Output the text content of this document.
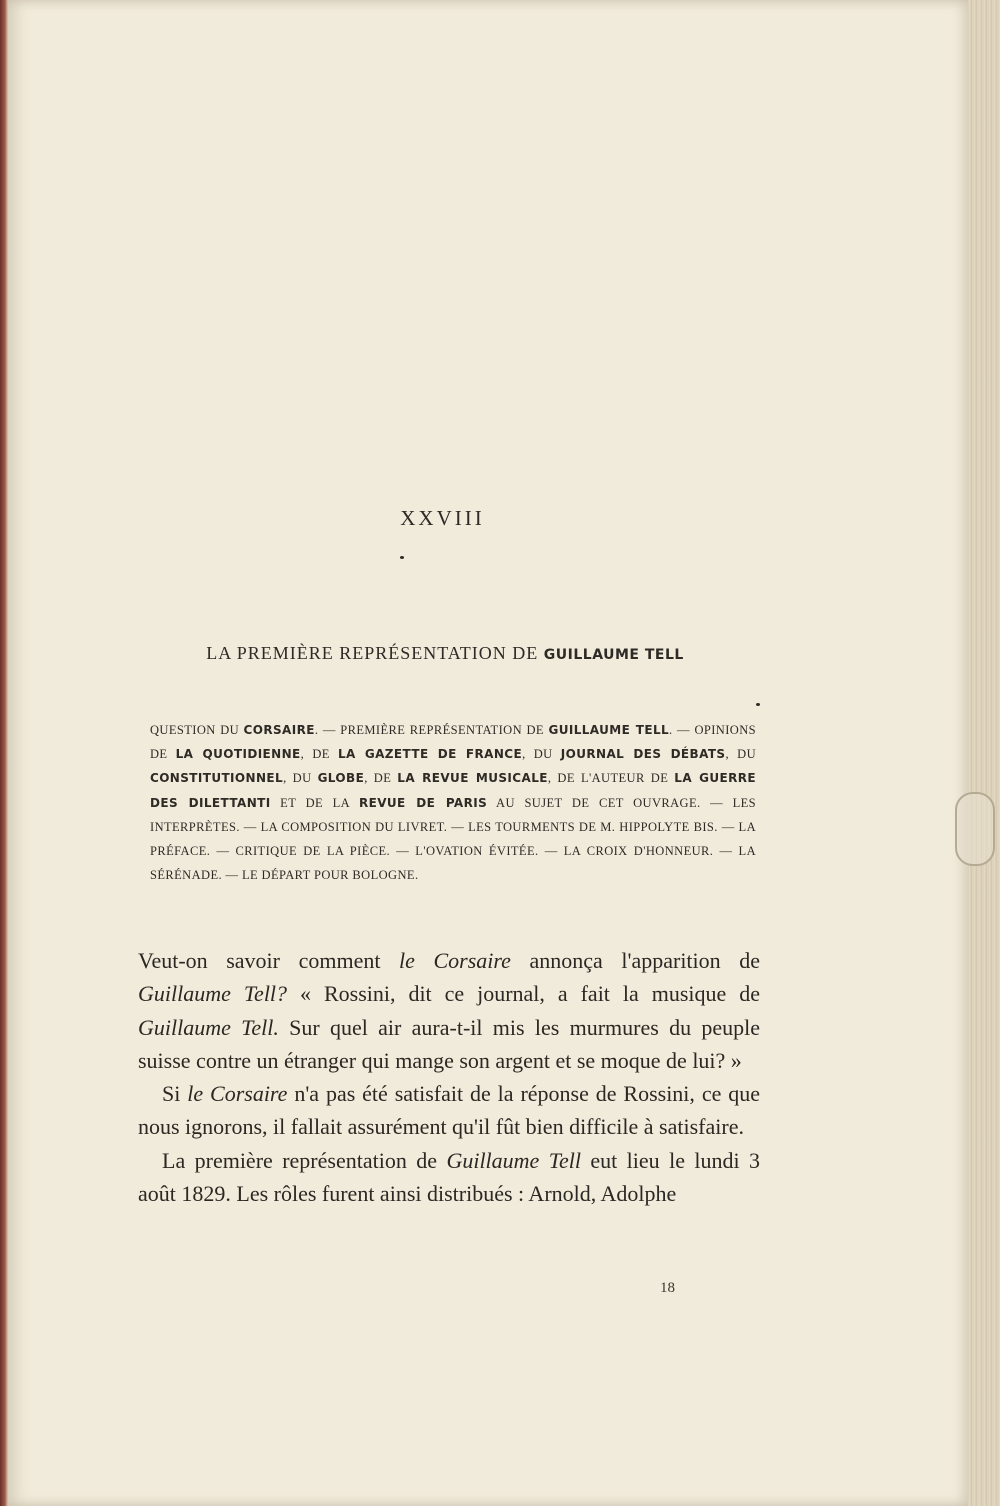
XXVIII
LA PREMIÈRE REPRÉSENTATION DE GUILLAUME TELL
QUESTION DU CORSAIRE. — PREMIÈRE REPRÉSENTATION DE GUILLAUME TELL. — OPINIONS DE LA QUOTIDIENNE, DE LA GAZETTE DE FRANCE, DU JOURNAL DES DÉBATS, DU CONSTITUTIONNEL, DU GLOBE, DE LA REVUE MUSICALE, DE L'AUTEUR DE LA GUERRE DES DILETTANTI ET DE LA REVUE DE PARIS AU SUJET DE CET OUVRAGE. — LES INTERPRÈTES. — LA COMPOSITION DU LIVRET. — LES TOURMENTS DE M. HIPPOLYTE BIS. — LA PRÉFACE. — CRITIQUE DE LA PIÈCE. — L'OVATION ÉVITÉE. — LA CROIX D'HONNEUR. — LA SÉRÉNADE. — LE DÉPART POUR BOLOGNE.

Veut-on savoir comment le Corsaire annonça l'apparition de Guillaume Tell? « Rossini, dit ce journal, a fait la musique de Guillaume Tell. Sur quel air aura-t-il mis les murmures du peuple suisse contre un étranger qui mange son argent et se moque de lui? »

Si le Corsaire n'a pas été satisfait de la réponse de Rossini, ce que nous ignorons, il fallait assurément qu'il fût bien difficile à satisfaire.

La première représentation de Guillaume Tell eut lieu le lundi 3 août 1829. Les rôles furent ainsi distribués : Arnold, Adolphe

18
